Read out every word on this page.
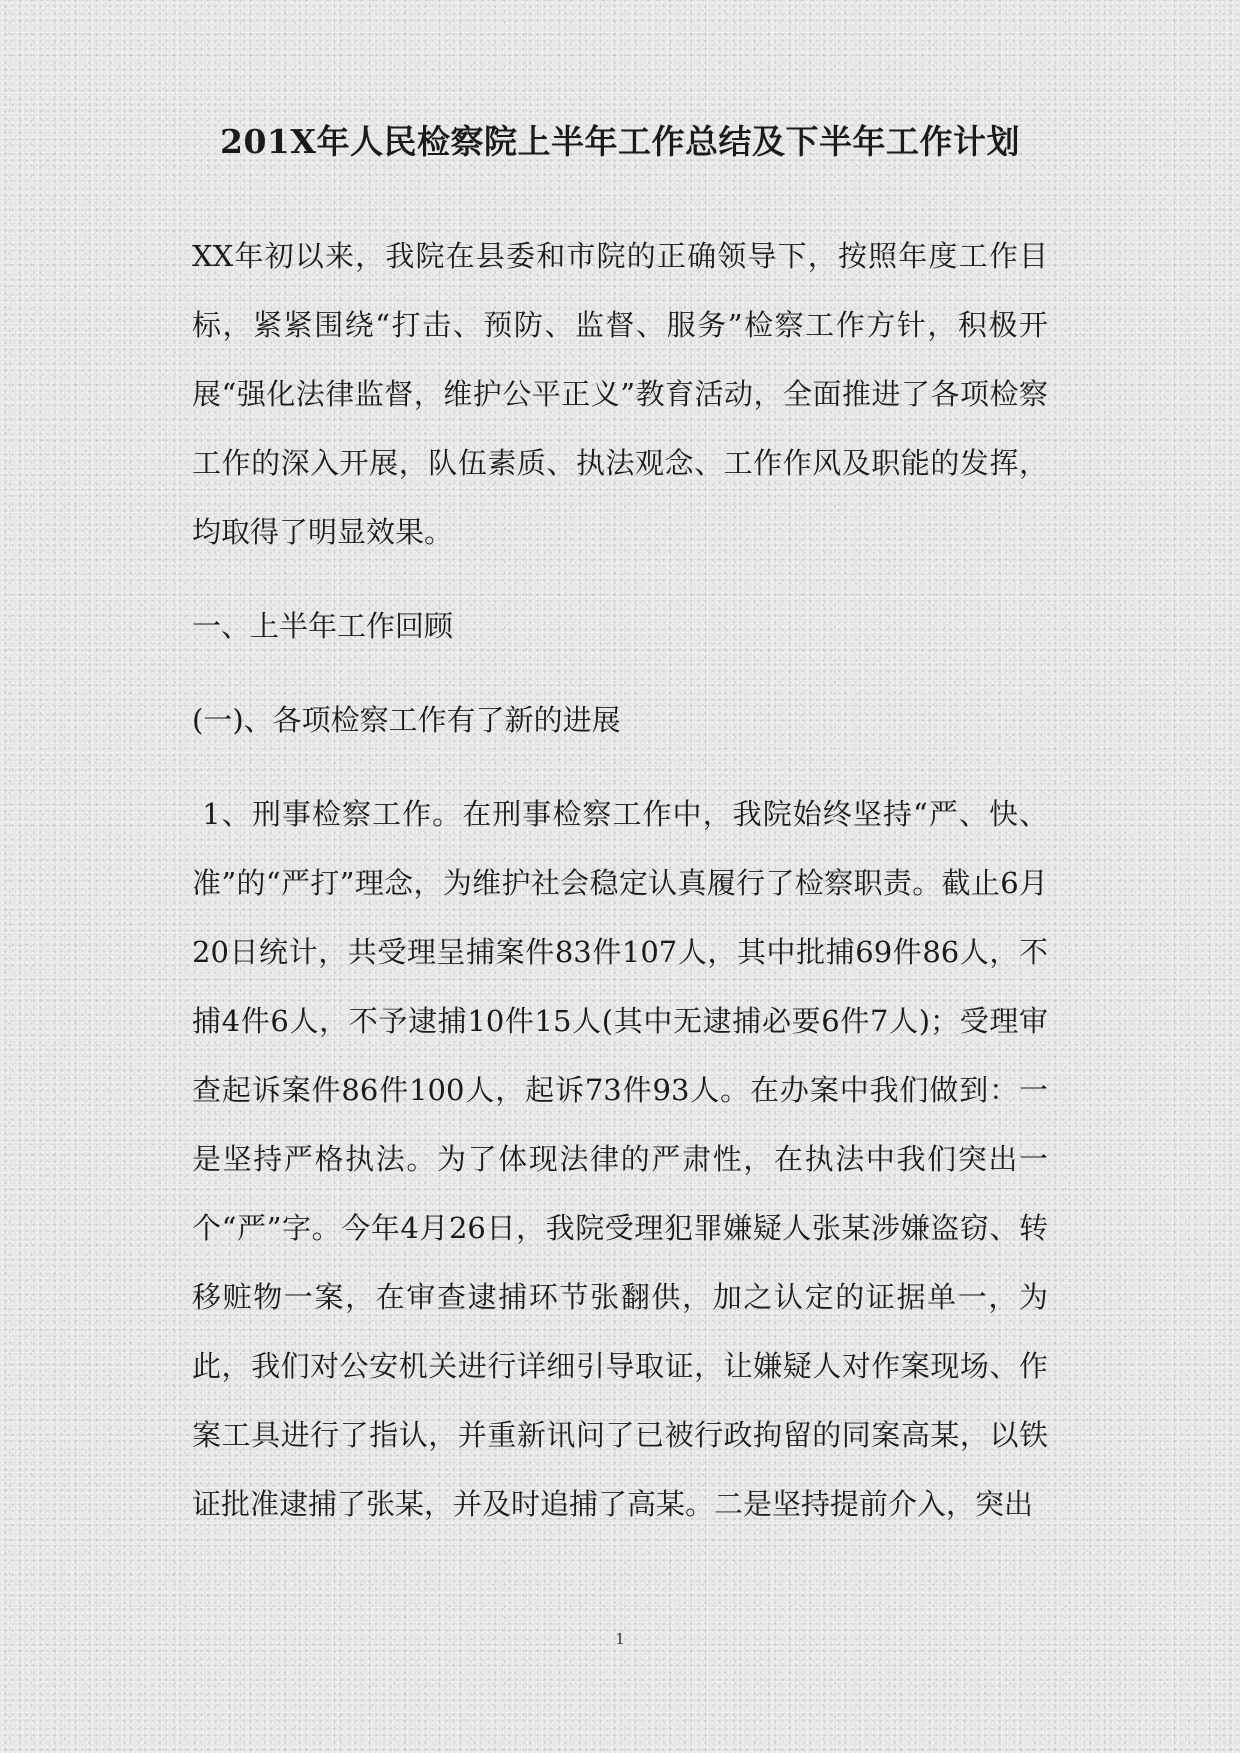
201X年人民检察院上半年工作总结及下半年工作计划

XX年初以来，我院在县委和市院的正确领导下，按照年度工作目标，紧紧围绕“打击、预防、监督、服务”检察工作方针，积极开展“强化法律监督，维护公平正义”教育活动，全面推进了各项检察工作的深入开展，队伍素质、执法观念、工作作风及职能的发挥，均取得了明显效果。

一、上半年工作回顾

(一)、各项检察工作有了新的进展

1、刑事检察工作。在刑事检察工作中，我院始终坚持“严、快、准”的“严打”理念，为维护社会稳定认真履行了检察职责。截止6月20日统计，共受理呈捕案件83件107人，其中批捕69件86人，不捕4件6人，不予逮捕10件15人(其中无逮捕必要6件7人)；受理审查起诉案件86件100人，起诉73件93人。在办案中我们做到：一是坚持严格执法。为了体现法律的严肃性，在执法中我们突出一个“严”字。今年4月26日，我院受理犯罪嫌疑人张某涉嫌盗窃、转移赃物一案，在审查逮捕环节张翻供，加之认定的证据单一，为此，我们对公安机关进行详细引导取证，让嫌疑人对作案现场、作案工具进行了指认，并重新讯问了已被行政拘留的同案高某，以铁证批准逮捕了张某，并及时追捕了高某。二是坚持提前介入，突出

1
